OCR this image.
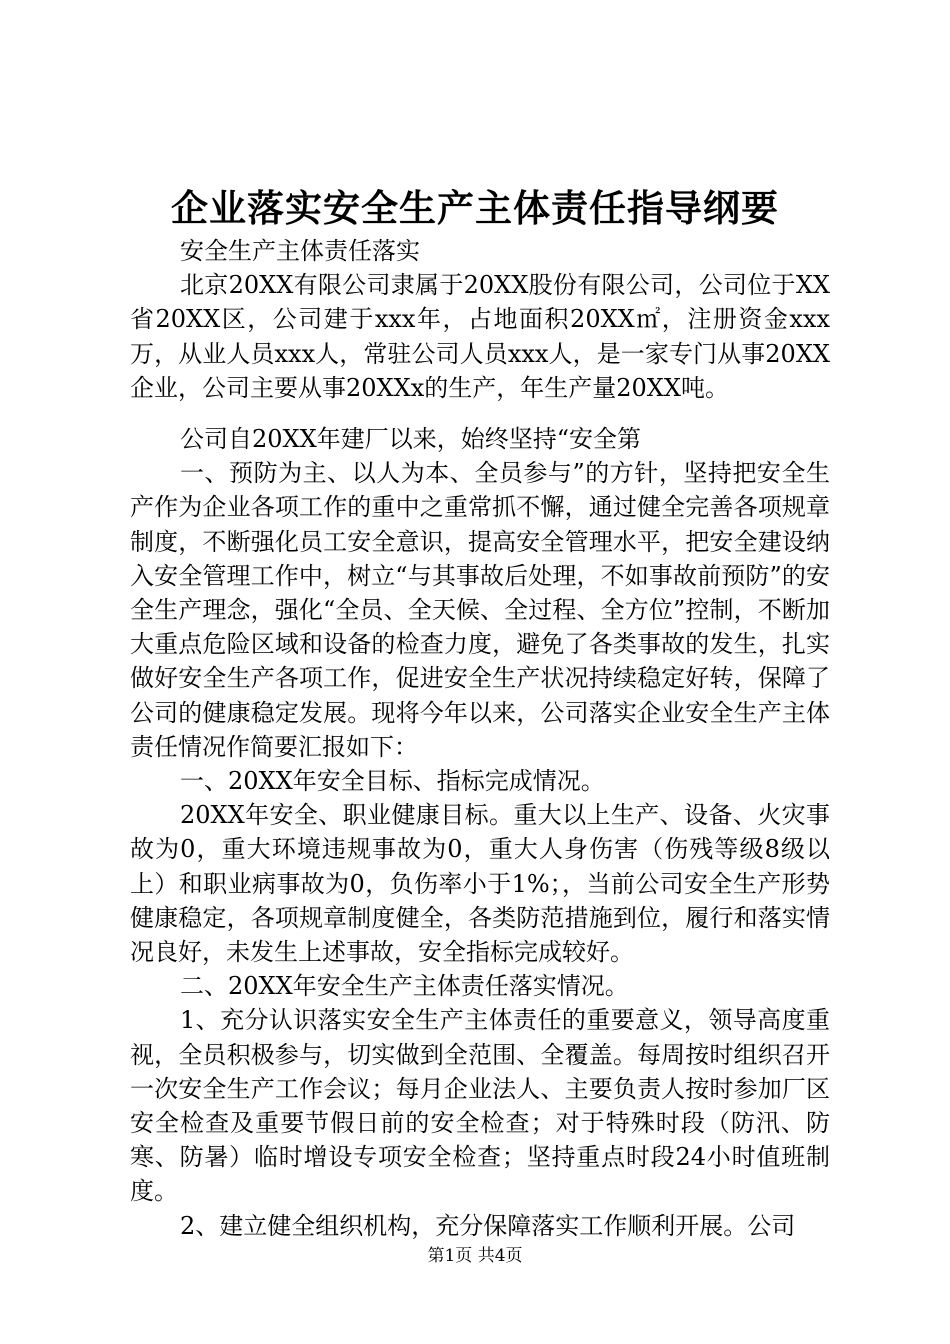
企业落实安全生产主体责任指导纲要

安全生产主体责任落实

北京20XX有限公司隶属于20XX股份有限公司，公司位于XX省20XX区，公司建于xxx年，占地面积20XX㎡，注册资金xxx万，从业人员xxx人，常驻公司人员xxx人，是一家专门从事20XX企业，公司主要从事20XXx的生产，年生产量20XX吨。

公司自20XX年建厂以来，始终坚持“安全第

一、预防为主、以人为本、全员参与”的方针，坚持把安全生产作为企业各项工作的重中之重常抓不懈，通过健全完善各项规章制度，不断强化员工安全意识，提高安全管理水平，把安全建设纳入安全管理工作中，树立“与其事故后处理，不如事故前预防”的安全生产理念，强化“全员、全天候、全过程、全方位”控制，不断加大重点危险区域和设备的检查力度，避免了各类事故的发生，扎实做好安全生产各项工作，促进安全生产状况持续稳定好转，保障了公司的健康稳定发展。现将今年以来，公司落实企业安全生产主体责任情况作简要汇报如下：

一、20XX年安全目标、指标完成情况。

20XX年安全、职业健康目标。重大以上生产、设备、火灾事故为0，重大环境违规事故为0，重大人身伤害（伤残等级8级以上）和职业病事故为0，负伤率小于1%；，当前公司安全生产形势健康稳定，各项规章制度健全，各类防范措施到位，履行和落实情况良好，未发生上述事故，安全指标完成较好。

二、20XX年安全生产主体责任落实情况。

1、充分认识落实安全生产主体责任的重要意义，领导高度重视，全员积极参与，切实做到全范围、全覆盖。每周按时组织召开一次安全生产工作会议；每月企业法人、主要负责人按时参加厂区安全检查及重要节假日前的安全检查；对于特殊时段（防汛、防寒、防暑）临时增设专项安全检查；坚持重点时段24小时值班制度。

2、建立健全组织机构，充分保障落实工作顺利开展。公司

第1页 共4页
